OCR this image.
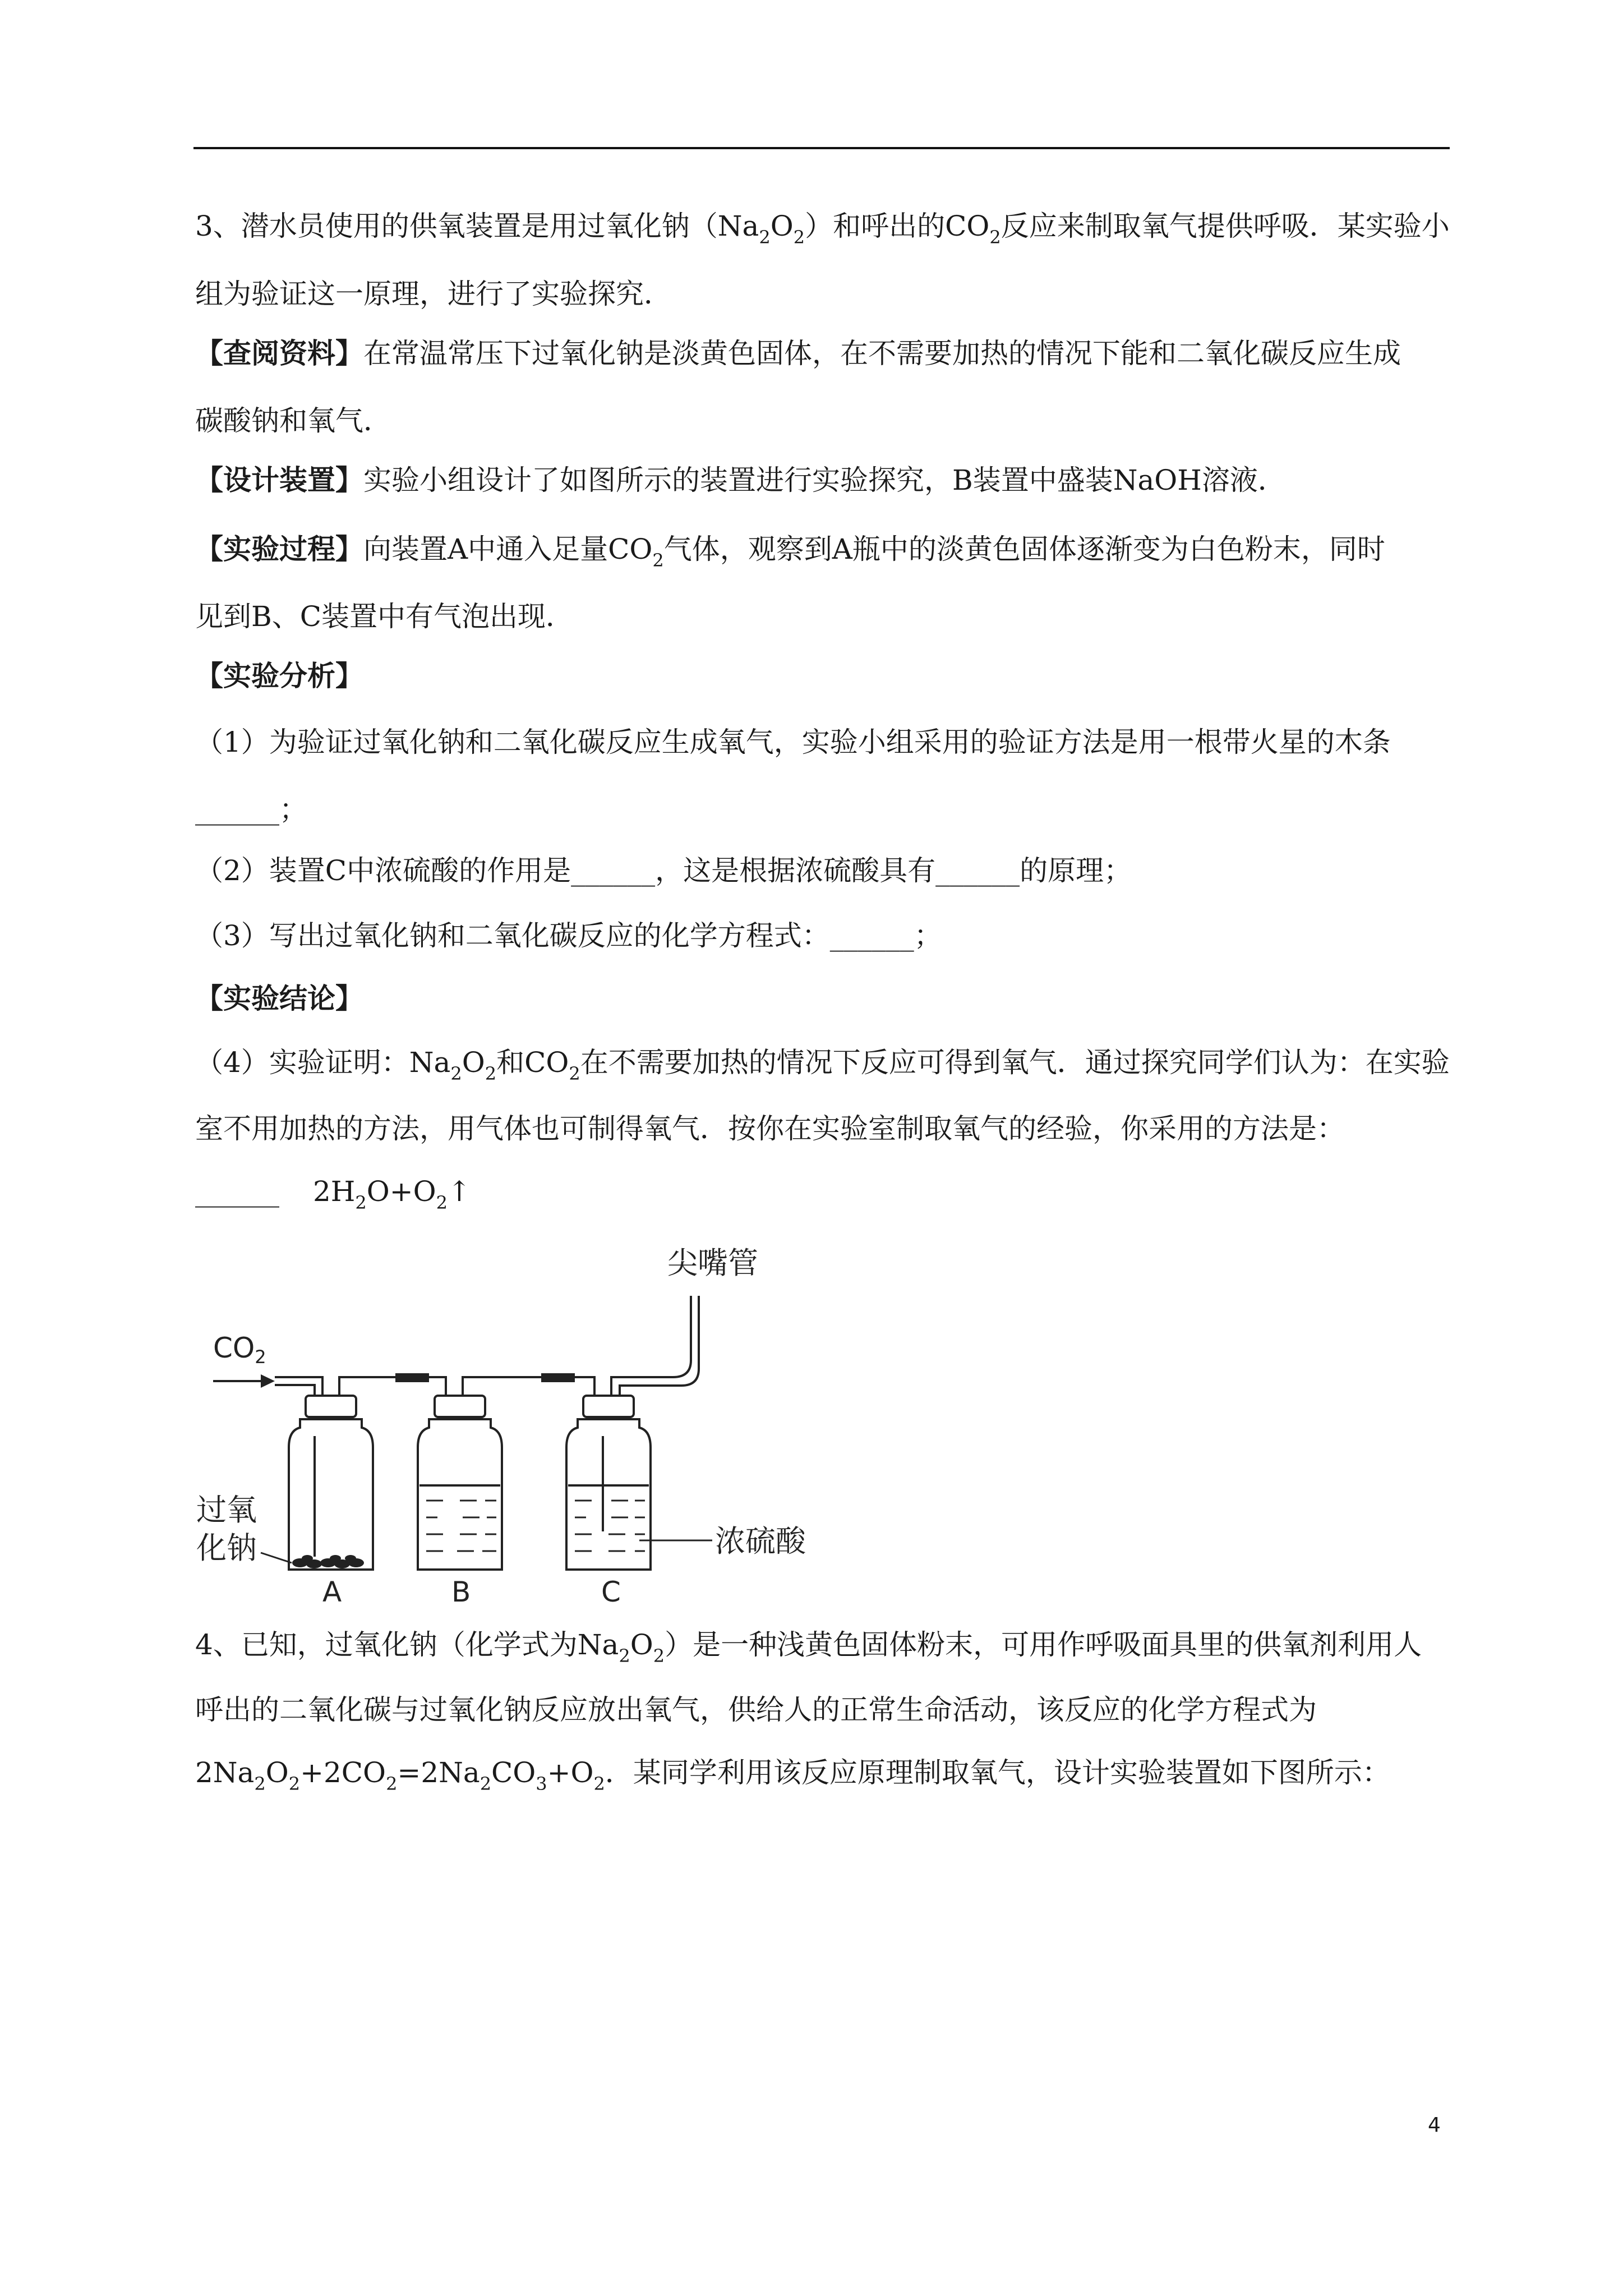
3、潜水员使用的供氧装置是用过氧化钠$(Na_2O_2)$和呼出的$CO_2$反应来制取氧气提供呼吸．某实验小
组为验证这一原理，进行了实验探究．
【查阅资料】在常温常压下过氧化钠是淡黄色固体，在不需要加热的情况下能和二氧化碳反应生成
碳酸钠和氧气．
【设计装置】实验小组设计了如图所示的装置进行实验探究，B装置中盛装NaOH溶液．
【实验过程】向装置A中通入足量$CO_2$气体，观察到A瓶中的淡黄色固体逐渐变为白色粉末，同时
见到B、C装置中有气泡出现．
【实验分析】
（1）为验证过氧化钠和二氧化碳反应生成氧气，实验小组采用的验证方法是用一根带火星的木条
______；
（2）装置C中浓硫酸的作用是______，这是根据浓硫酸具有______的原理；
（3）写出过氧化钠和二氧化碳反应的化学方程式：______；
【实验结论】
（4）实验证明：$Na_2O_2$和$CO_2$在不需要加热的情况下反应可得到氧气．通过探究同学们认为：在实验
室不用加热的方法，用气体也可制得氧气．按你在实验室制取氧气的经验，你采用的方法是：
______ $2H_2O+O_2↑$
尖嘴管
$CO_2$
过氧
化钠	浓硫酸
A	B	C
4、已知，过氧化钠（化学式为$Na_2O_2$）是一种浅黄色固体粉末，可用作呼吸面具里的供氧剂利用人
呼出的二氧化碳与过氧化钠反应放出氧气，供给人的正常生命活动，该反应的化学方程式为
$2Na_2O_2+2CO_2=2Na_2CO_3+O_2$．某同学利用该反应原理制取氧气，设计实验装置如下图所示：
4
